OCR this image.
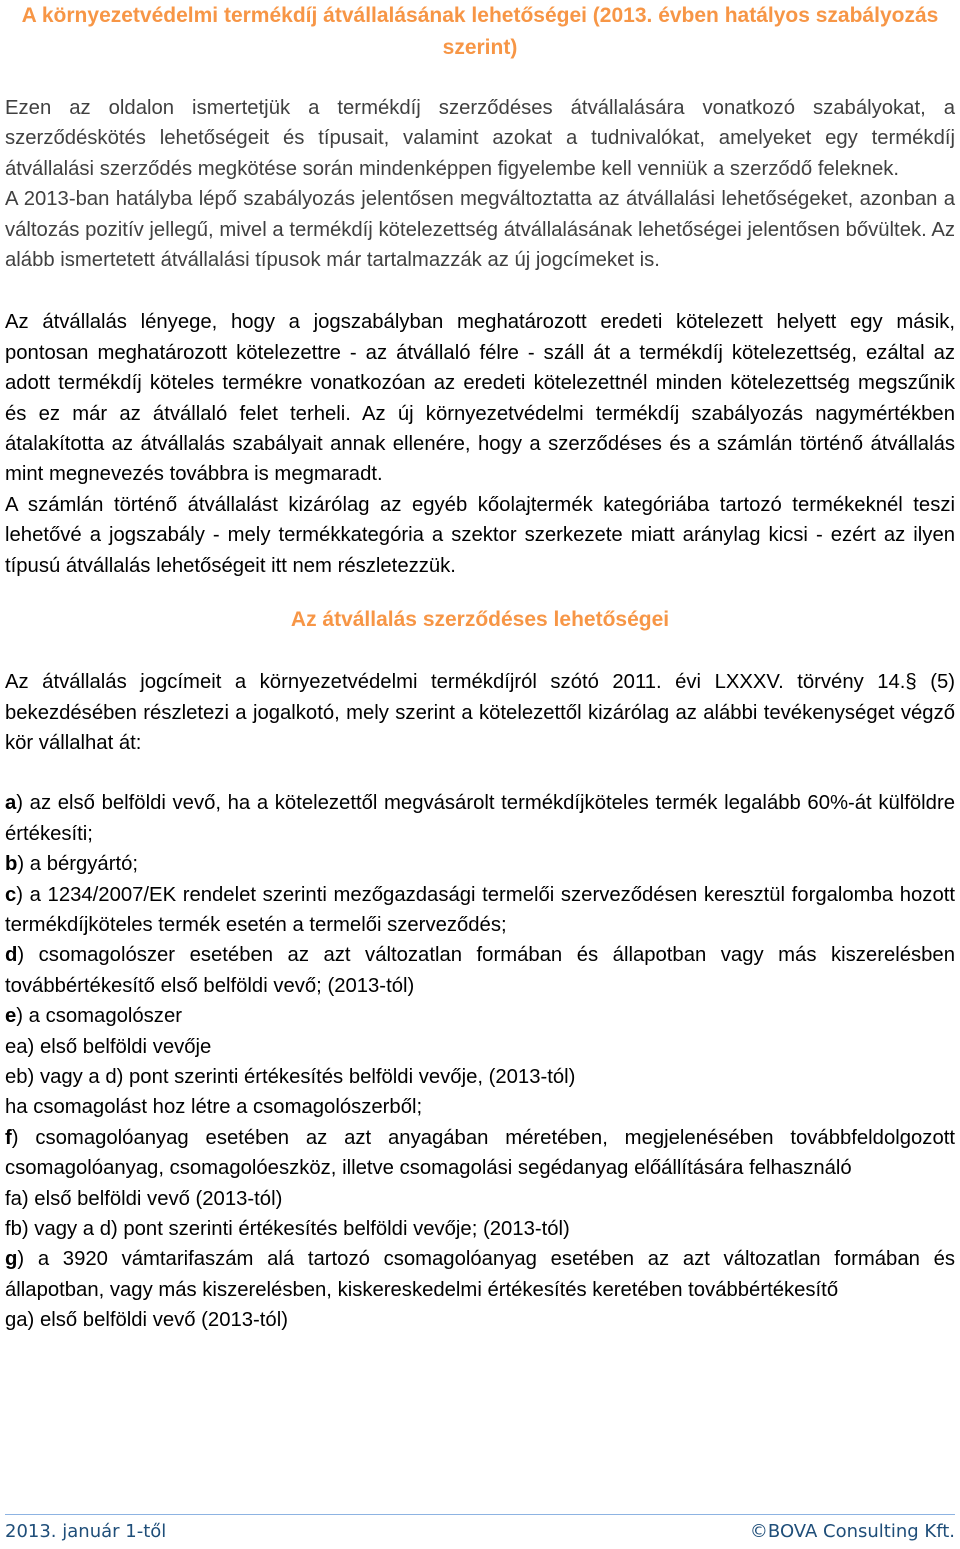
A környezetvédelmi termékdíj átvállalásának lehetőségei (2013. évben hatályos szabályozás szerint)

Ezen az oldalon ismertetjük a termékdíj szerződéses átvállalására vonatkozó szabályokat, a szerződéskötés lehetőségeit és típusait, valamint azokat a tudnivalókat, amelyeket egy termékdíj átvállalási szerződés megkötése során mindenképpen figyelembe kell venniük a szerződő feleknek.

A 2013-ban hatályba lépő szabályozás jelentősen megváltoztatta az átvállalási lehetőségeket, azonban a változás pozitív jellegű, mivel a termékdíj kötelezettség átvállalásának lehetőségei jelentősen bővültek. Az alább ismertetett átvállalási típusok már tartalmazzák az új jogcímeket is.

Az átvállalás lényege, hogy a jogszabályban meghatározott eredeti kötelezett helyett egy másik, pontosan meghatározott kötelezettre - az átvállaló félre - száll át a termékdíj kötelezettség, ezáltal az adott termékdíj köteles termékre vonatkozóan az eredeti kötelezettnél minden kötelezettség megszűnik és ez már az átvállaló felet terheli. Az új környezetvédelmi termékdíj szabályozás nagymértékben átalakította az átvállalás szabályait annak ellenére, hogy a szerződéses és a számlán történő átvállalás mint megnevezés továbbra is megmaradt.

A számlán történő átvállalást kizárólag az egyéb kőolajtermék kategóriába tartozó termékeknél teszi lehetővé a jogszabály - mely termékkategória a szektor szerkezete miatt aránylag kicsi - ezért az ilyen típusú átvállalás lehetőségeit itt nem részletezzük.

Az átvállalás szerződéses lehetőségei

Az átvállalás jogcímeit a környezetvédelmi termékdíjról szótó 2011. évi LXXXV. törvény 14.§ (5) bekezdésében részletezi a jogalkotó, mely szerint a kötelezettől kizárólag az alábbi tevékenységet végző kör vállalhat át:

a) az első belföldi vevő, ha a kötelezettől megvásárolt termékdíjköteles termék legalább 60%-át külföldre értékesíti;

b) a bérgyártó;

c) a 1234/2007/EK rendelet szerinti mezőgazdasági termelői szerveződésen keresztül forgalomba hozott termékdíjköteles termék esetén a termelői szerveződés;

d) csomagolószer esetében az azt változatlan formában és állapotban vagy más kiszerelésben továbbértékesítő első belföldi vevő; (2013-tól)

e) a csomagolószer

ea) első belföldi vevője

eb) vagy a d) pont szerinti értékesítés belföldi vevője, (2013-tól)

ha csomagolást hoz létre a csomagolószerből;

f) csomagolóanyag esetében az azt anyagában méretében, megjelenésében továbbfeldolgozott csomagolóanyag, csomagolóeszköz, illetve csomagolási segédanyag előállítására felhasználó

fa) első belföldi vevő (2013-tól)

fb) vagy a d) pont szerinti értékesítés belföldi vevője; (2013-tól)

g) a 3920 vámtarifaszám alá tartozó csomagolóanyag esetében az azt változatlan formában és állapotban, vagy más kiszerelésben, kiskereskedelmi értékesítés keretében továbbértékesítő

ga) első belföldi vevő (2013-tól)

2013. január 1-től	©BOVA Consulting Kft.
